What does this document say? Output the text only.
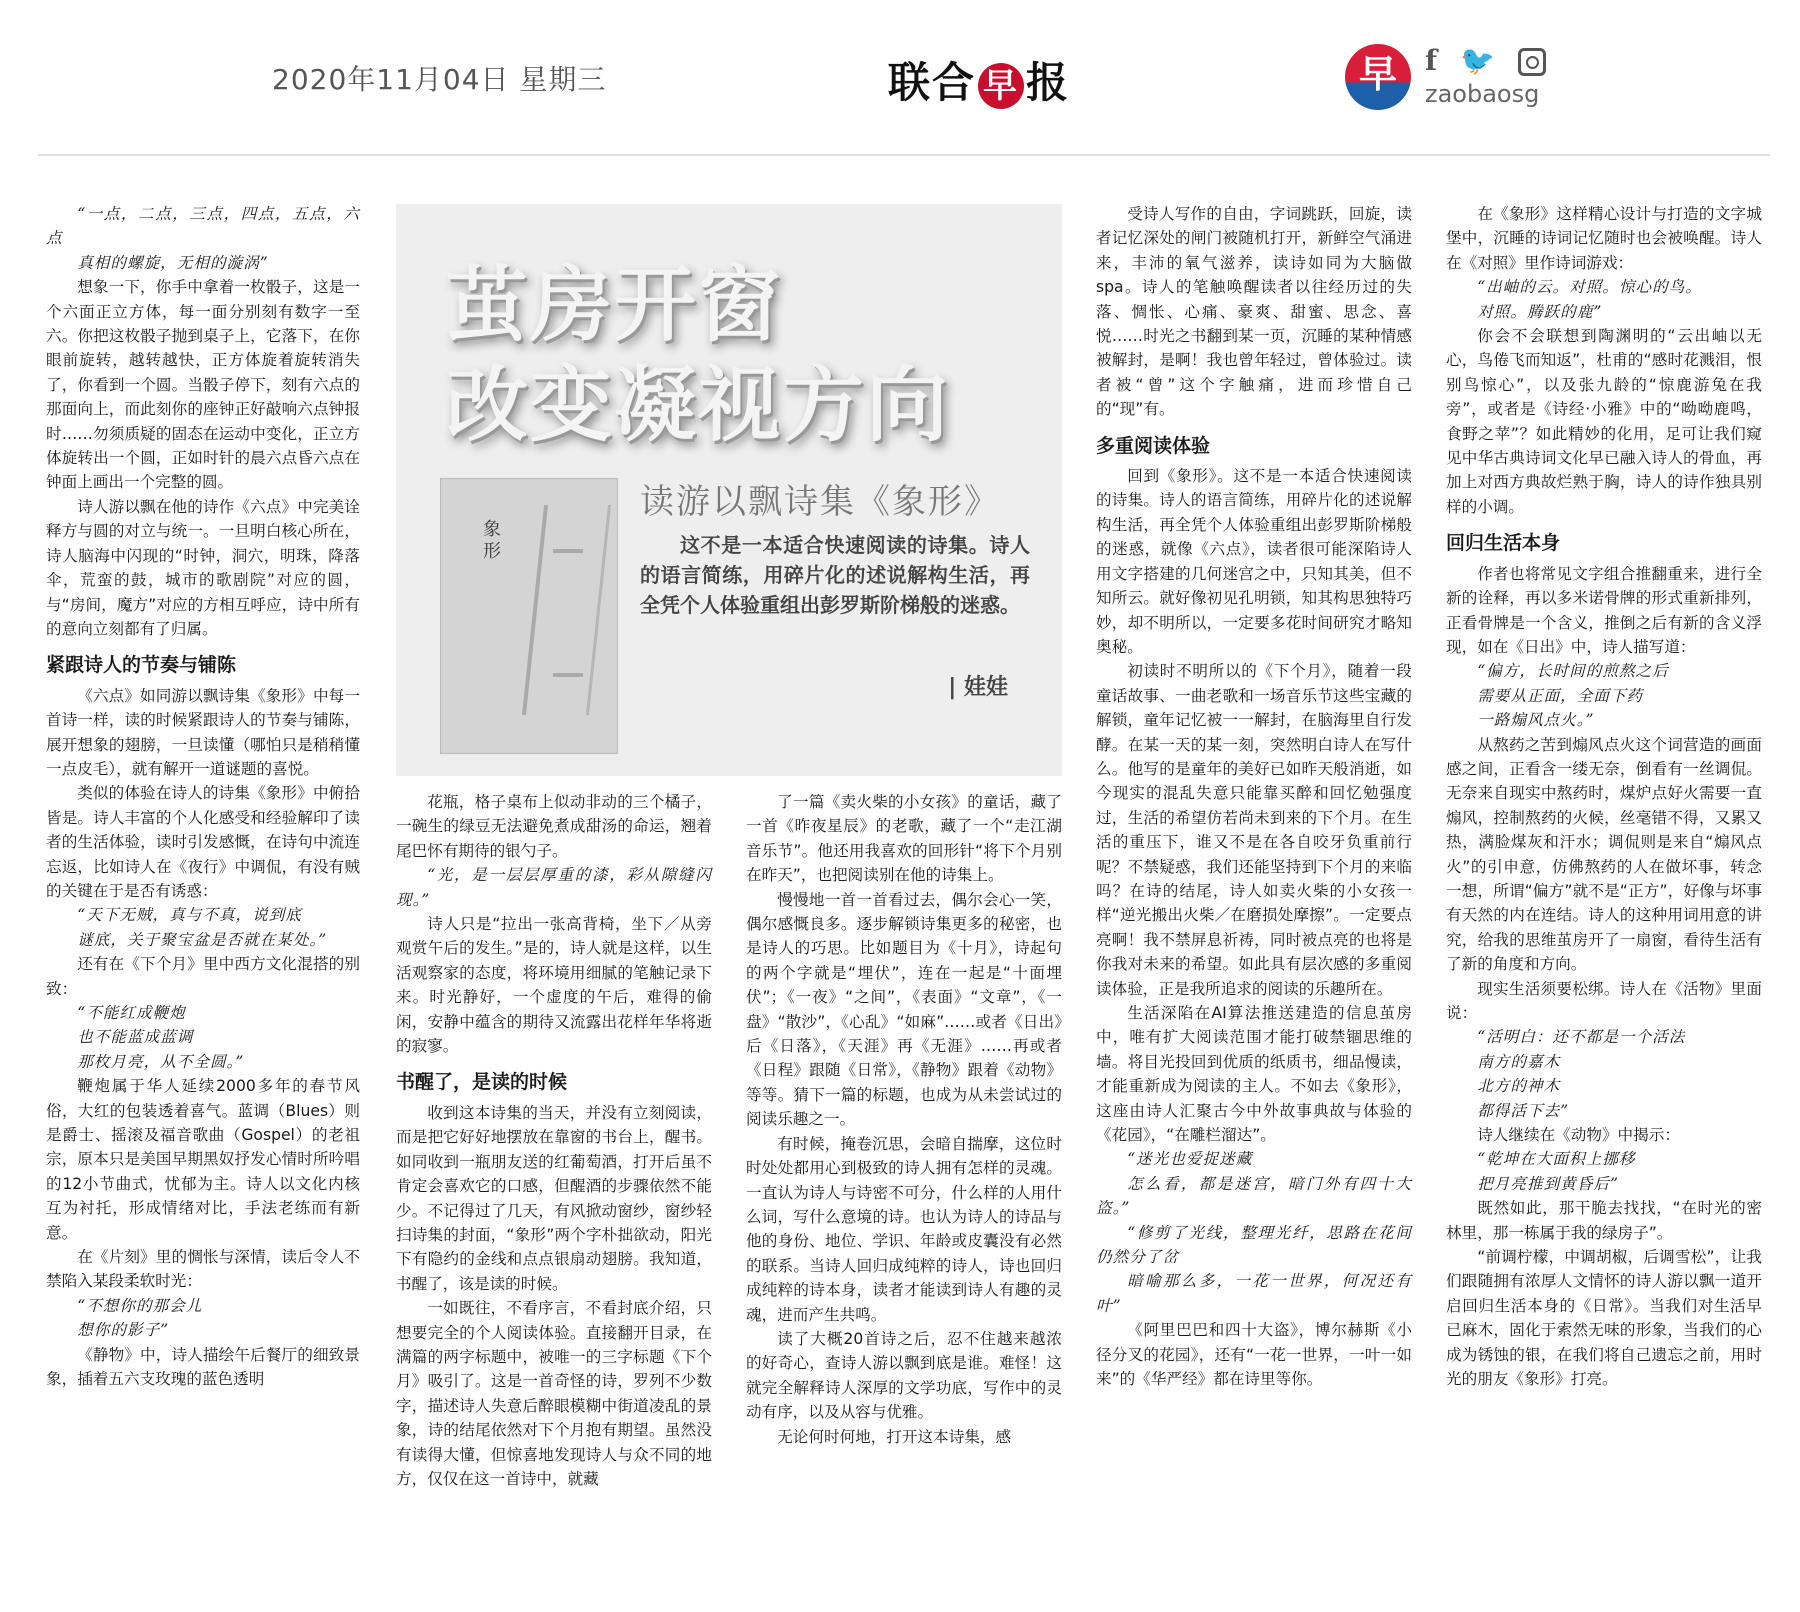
2020年11月04日 星期三	联合 早 报	早	f 🐦
zaobaosg

“一点，二点，三点，四点，五点，六点

真相的螺旋，无相的漩涡”

想象一下，你手中拿着一枚骰子，这是一个六面正立方体，每一面分别刻有数字一至六。你把这枚骰子抛到桌子上，它落下，在你眼前旋转，越转越快，正方体旋着旋转消失了，你看到一个圆。当骰子停下，刻有六点的那面向上，而此刻你的座钟正好敲响六点钟报时……勿须质疑的固态在运动中变化，正立方体旋转出一个圆，正如时针的晨六点昏六点在钟面上画出一个完整的圆。

诗人游以飘在他的诗作《六点》中完美诠释方与圆的对立与统一。一旦明白核心所在，诗人脑海中闪现的“时钟，洞穴，明珠，降落伞，荒蛮的鼓，城市的歌剧院”对应的圆，与“房间，魔方”对应的方相互呼应，诗中所有的意向立刻都有了归属。

紧跟诗人的节奏与铺陈

《六点》如同游以飘诗集《象形》中每一首诗一样，读的时候紧跟诗人的节奏与铺陈，展开想象的翅膀，一旦读懂（哪怕只是稍稍懂一点皮毛），就有解开一道谜题的喜悦。

类似的体验在诗人的诗集《象形》中俯拾皆是。诗人丰富的个人化感受和经验解印了读者的生活体验，读时引发感慨，在诗句中流连忘返，比如诗人在《夜行》中调侃，有没有贼的关键在于是否有诱惑：

“天下无贼，真与不真，说到底

谜底，关于聚宝盆是否就在某处。”

还有在《下个月》里中西方文化混搭的别致：

“不能红成鞭炮

也不能蓝成蓝调

那枚月亮，从不全圆。”

鞭炮属于华人延续2000多年的春节风俗，大红的包装透着喜气。蓝调（Blues）则是爵士、摇滚及福音歌曲（Gospel）的老祖宗，原本只是美国早期黑奴抒发心情时所吟唱的12小节曲式，忧郁为主。诗人以文化内核互为衬托，形成情绪对比，手法老练而有新意。

在《片刻》里的惆怅与深情，读后令人不禁陷入某段柔软时光：

“不想你的那会儿

想你的影子”

《静物》中，诗人描绘午后餐厅的细致景象，插着五六支玫瑰的蓝色透明

茧房开窗
改变凝视方向
象形
读游以飘诗集《象形》
这不是一本适合快速阅读的诗集。诗人的语言简练，用碎片化的述说解构生活，再全凭个人体验重组出彭罗斯阶梯般的迷惑。
| 娃娃

花瓶，格子桌布上似动非动的三个橘子，一碗生的绿豆无法避免煮成甜汤的命运，翘着尾巴怀有期待的银勺子。

“光，是一层层厚重的漆，彩从隙缝闪现。”

诗人只是“拉出一张高背椅，坐下／从旁观赏午后的发生。”是的，诗人就是这样，以生活观察家的态度，将环境用细腻的笔触记录下来。时光静好，一个虚度的午后，难得的偷闲，安静中蕴含的期待又流露出花样年华将逝的寂寥。

书醒了，是读的时候

收到这本诗集的当天，并没有立刻阅读，而是把它好好地摆放在靠窗的书台上，醒书。如同收到一瓶朋友送的红葡萄酒，打开后虽不肯定会喜欢它的口感，但醒酒的步骤依然不能少。不记得过了几天，有风掀动窗纱，窗纱轻扫诗集的封面，“象形”两个字朴拙欲动，阳光下有隐约的金线和点点银扇动翅膀。我知道，书醒了，该是读的时候。

一如既往，不看序言，不看封底介绍，只想要完全的个人阅读体验。直接翻开目录，在满篇的两字标题中，被唯一的三字标题《下个月》吸引了。这是一首奇怪的诗，罗列不少数字，描述诗人失意后醉眼模糊中街道凌乱的景象，诗的结尾依然对下个月抱有期望。虽然没有读得大懂，但惊喜地发现诗人与众不同的地方，仅仅在这一首诗中，就藏

了一篇《卖火柴的小女孩》的童话，藏了一首《昨夜星辰》的老歌，藏了一个“走江湖音乐节”。他还用我喜欢的回形针“将下个月别在昨天”，也把阅读别在他的诗集上。

慢慢地一首一首看过去，偶尔会心一笑，偶尔感慨良多。逐步解锁诗集更多的秘密，也是诗人的巧思。比如题目为《十月》，诗起句的两个字就是“埋伏”，连在一起是“十面埋伏”；《一夜》“之间”，《表面》“文章”，《一盘》“散沙”，《心乱》“如麻”……或者《日出》后《日落》，《天涯》再《无涯》……再或者《日程》跟随《日常》，《静物》跟着《动物》等等。猜下一篇的标题，也成为从未尝试过的阅读乐趣之一。

有时候，掩卷沉思，会暗自揣摩，这位时时处处都用心到极致的诗人拥有怎样的灵魂。一直认为诗人与诗密不可分，什么样的人用什么词，写什么意境的诗。也认为诗人的诗品与他的身份、地位、学识、年龄或皮囊没有必然的联系。当诗人回归成纯粹的诗人，诗也回归成纯粹的诗本身，读者才能读到诗人有趣的灵魂，进而产生共鸣。

读了大概20首诗之后，忍不住越来越浓的好奇心，查诗人游以飘到底是谁。难怪！这就完全解释诗人深厚的文学功底，写作中的灵动有序，以及从容与优雅。

无论何时何地，打开这本诗集，感

受诗人写作的自由，字词跳跃，回旋，读者记忆深处的闸门被随机打开，新鲜空气涌进来，丰沛的氧气滋养，读诗如同为大脑做spa。诗人的笔触唤醒读者以往经历过的失落、惆怅、心痛、豪爽、甜蜜、思念、喜悦……时光之书翻到某一页，沉睡的某种情感被解封，是啊！我也曾年轻过，曾体验过。读者被“曾”这个字触痛，进而珍惜自己的“现”有。

多重阅读体验

回到《象形》。这不是一本适合快速阅读的诗集。诗人的语言简练，用碎片化的述说解构生活，再全凭个人体验重组出彭罗斯阶梯般的迷惑，就像《六点》，读者很可能深陷诗人用文字搭建的几何迷宫之中，只知其美，但不知所云。就好像初见孔明锁，知其构思独特巧妙，却不明所以，一定要多花时间研究才略知奥秘。

初读时不明所以的《下个月》，随着一段童话故事、一曲老歌和一场音乐节这些宝藏的解锁，童年记忆被一一解封，在脑海里自行发酵。在某一天的某一刻，突然明白诗人在写什么。他写的是童年的美好已如昨天般消逝，如今现实的混乱失意只能靠买醉和回忆勉强度过，生活的希望仿若尚未到来的下个月。在生活的重压下，谁又不是在各自咬牙负重前行呢？不禁疑惑，我们还能坚持到下个月的来临吗？在诗的结尾，诗人如卖火柴的小女孩一样“逆光搬出火柴／在磨损处摩擦”。一定要点亮啊！我不禁屏息祈祷，同时被点亮的也将是你我对未来的希望。如此具有层次感的多重阅读体验，正是我所追求的阅读的乐趣所在。

生活深陷在AI算法推送建造的信息茧房中，唯有扩大阅读范围才能打破禁锢思维的墙。将目光投回到优质的纸质书，细品慢读，才能重新成为阅读的主人。不如去《象形》，这座由诗人汇聚古今中外故事典故与体验的《花园》，“在雕栏溜达”。

“迷光也爱捉迷藏

怎么看，都是迷宫，暗门外有四十大盗。”

“修剪了光线，整理光纤，思路在花间仍然分了岔

暗喻那么多，一花一世界，何况还有叶”

《阿里巴巴和四十大盗》，博尔赫斯《小径分叉的花园》，还有“一花一世界，一叶一如来”的《华严经》都在诗里等你。

在《象形》这样精心设计与打造的文字城堡中，沉睡的诗词记忆随时也会被唤醒。诗人在《对照》里作诗词游戏：

“出岫的云。对照。惊心的鸟。

对照。腾跃的鹿”

你会不会联想到陶渊明的“云出岫以无心，鸟倦飞而知返”，杜甫的“感时花溅泪，恨别鸟惊心”，以及张九龄的“惊鹿游兔在我旁”，或者是《诗经·小雅》中的“呦呦鹿鸣，食野之苹”？如此精妙的化用，足可让我们窥见中华古典诗词文化早已融入诗人的骨血，再加上对西方典故烂熟于胸，诗人的诗作独具别样的小调。

回归生活本身

作者也将常见文字组合推翻重来，进行全新的诠释，再以多米诺骨牌的形式重新排列，正看骨牌是一个含义，推倒之后有新的含义浮现，如在《日出》中，诗人描写道：

“偏方，长时间的煎熬之后

需要从正面，全面下药

一路煽风点火。”

从熬药之苦到煽风点火这个词营造的画面感之间，正看含一缕无奈，倒看有一丝调侃。无奈来自现实中熬药时，煤炉点好火需要一直煽风，控制熬药的火候，丝毫错不得，又累又热，满脸煤灰和汗水；调侃则是来自“煽风点火”的引申意，仿佛熬药的人在做坏事，转念一想，所谓“偏方”就不是“正方”，好像与坏事有天然的内在连结。诗人的这种用词用意的讲究，给我的思维茧房开了一扇窗，看待生活有了新的角度和方向。

现实生活须要松绑。诗人在《活物》里面说：

“活明白：还不都是一个活法

南方的嘉木

北方的神木

都得活下去”

诗人继续在《动物》中揭示：

“乾坤在大面积上挪移

把月亮推到黄昏后”

既然如此，那干脆去找找，“在时光的密林里，那一栋属于我的绿房子”。

“前调柠檬，中调胡椒，后调雪松”，让我们跟随拥有浓厚人文情怀的诗人游以飘一道开启回归生活本身的《日常》。当我们对生活早已麻木，固化于索然无味的形象，当我们的心成为锈蚀的银，在我们将自己遗忘之前，用时光的朋友《象形》打亮。
